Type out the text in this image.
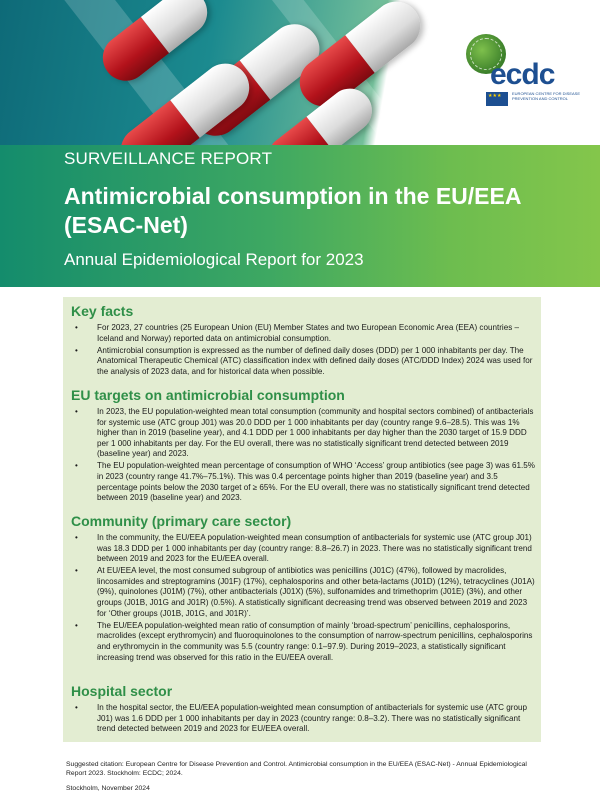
ecdc
★★★
EUROPEAN CENTRE FOR DISEASE PREVENTION AND CONTROL
SURVEILLANCE REPORT
Antimicrobial consumption in the EU/EEA (ESAC-Net)
Annual Epidemiological Report for 2023
Key facts
• For 2023, 27 countries (25 European Union (EU) Member States and two European Economic Area (EEA) countries – Iceland and Norway) reported data on antimicrobial consumption.
• Antimicrobial consumption is expressed as the number of defined daily doses (DDD) per 1 000 inhabitants per day. The Anatomical Therapeutic Chemical (ATC) classification index with defined daily doses (ATC/DDD Index) 2024 was used for the analysis of 2023 data, and for historical data when possible.
EU targets on antimicrobial consumption
• In 2023, the EU population-weighted mean total consumption (community and hospital sectors combined) of antibacterials for systemic use (ATC group J01) was 20.0 DDD per 1 000 inhabitants per day (country range 9.6–28.5). This was 1% higher than in 2019 (baseline year), and 4.1 DDD per 1 000 inhabitants per day higher than the 2030 target of 15.9 DDD per 1 000 inhabitants per day. For the EU overall, there was no statistically significant trend detected between 2019 (baseline year) and 2023.
• The EU population-weighted mean percentage of consumption of WHO ‘Access’ group antibiotics (see page 3) was 61.5% in 2023 (country range 41.7%–75.1%). This was 0.4 percentage points higher than 2019 (baseline year) and 3.5 percentage points below the 2030 target of ≥ 65%. For the EU overall, there was no statistically significant trend detected between 2019 (baseline year) and 2023.
Community (primary care sector)
• In the community, the EU/EEA population-weighted mean consumption of antibacterials for systemic use (ATC group J01) was 18.3 DDD per 1 000 inhabitants per day (country range: 8.8–26.7) in 2023. There was no statistically significant trend between 2019 and 2023 for the EU/EEA overall.
• At EU/EEA level, the most consumed subgroup of antibiotics was penicillins (J01C) (47%), followed by macrolides, lincosamides and streptogramins (J01F) (17%), cephalosporins and other beta-lactams (J01D) (12%), tetracyclines (J01A) (9%), quinolones (J01M) (7%), other antibacterials (J01X) (5%), sulfonamides and trimethoprim (J01E) (3%), and other groups (J01B, J01G and J01R) (0.5%). A statistically significant decreasing trend was observed between 2019 and 2023 for ‘Other groups (J01B, J01G, and J01R)’.
• The EU/EEA population-weighted mean ratio of consumption of mainly ‘broad-spectrum’ penicillins, cephalosporins, macrolides (except erythromycin) and fluoroquinolones to the consumption of narrow-spectrum penicillins, cephalosporins and erythromycin in the community was 5.5 (country range: 0.1–97.9). During 2019–2023, a statistically significant increasing trend was observed for this ratio in the EU/EEA overall.
Hospital sector
• In the hospital sector, the EU/EEA population-weighted mean consumption of antibacterials for systemic use (ATC group J01) was 1.6 DDD per 1 000 inhabitants per day in 2023 (country range: 0.8–3.2). There was no statistically significant trend detected between 2019 and 2023 for EU/EEA overall.
Suggested citation: European Centre for Disease Prevention and Control. Antimicrobial consumption in the EU/EEA (ESAC-Net) - Annual Epidemiological Report 2023. Stockholm: ECDC; 2024.
Stockholm, November 2024
